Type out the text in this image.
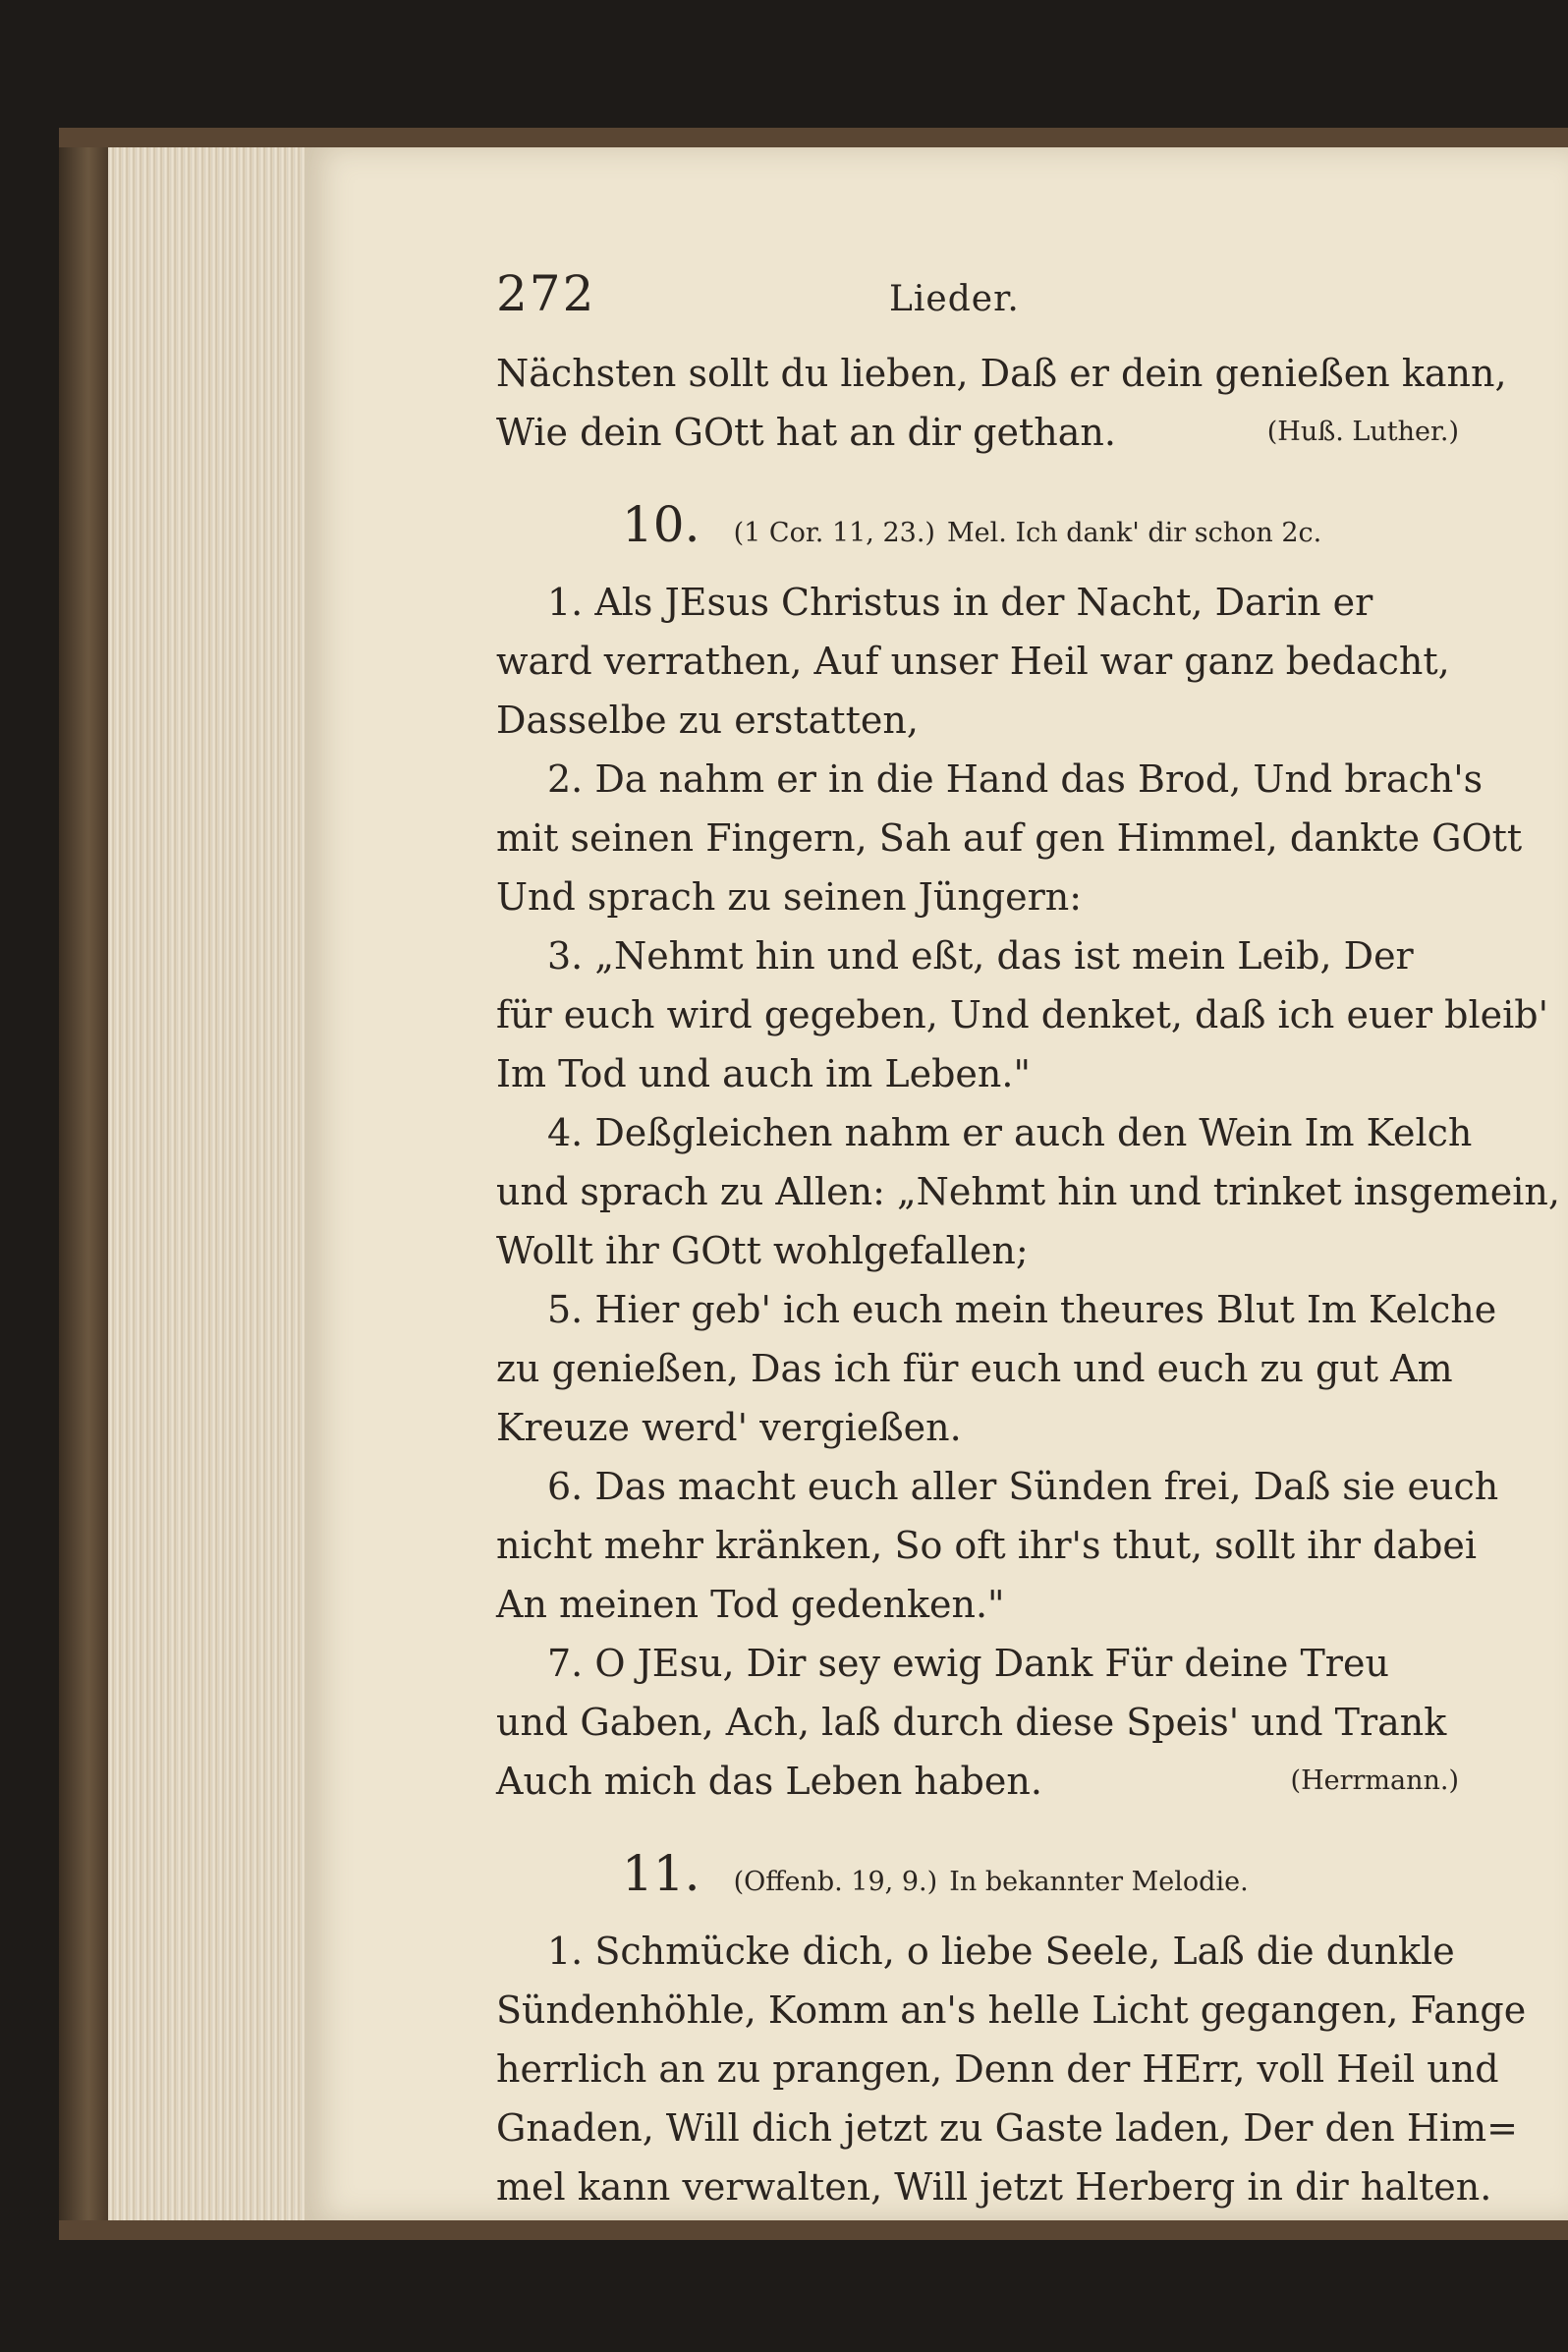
272	Lieder.
Nächsten sollt du lieben, Daß er dein genießen kann,
Wie dein GOtt hat an dir gethan.	(Huß. Luther.)
10. (1 Cor. 11, 23.) Mel. Ich dank' dir schon 2c.
1. Als JEsus Christus in der Nacht, Darin er
ward verrathen, Auf unser Heil war ganz bedacht,
Dasselbe zu erstatten,
2. Da nahm er in die Hand das Brod, Und brach's
mit seinen Fingern, Sah auf gen Himmel, dankte GOtt
Und sprach zu seinen Jüngern:
3. „Nehmt hin und eßt, das ist mein Leib, Der
für euch wird gegeben, Und denket, daß ich euer bleib'
Im Tod und auch im Leben."
4. Deßgleichen nahm er auch den Wein Im Kelch
und sprach zu Allen: „Nehmt hin und trinket insgemein,
Wollt ihr GOtt wohlgefallen;
5. Hier geb' ich euch mein theures Blut Im Kelche
zu genießen, Das ich für euch und euch zu gut Am
Kreuze werd' vergießen.
6. Das macht euch aller Sünden frei, Daß sie euch
nicht mehr kränken, So oft ihr's thut, sollt ihr dabei
An meinen Tod gedenken."
7. O JEsu, Dir sey ewig Dank Für deine Treu
und Gaben, Ach, laß durch diese Speis' und Trank
Auch mich das Leben haben.	(Herrmann.)
11. (Offenb. 19, 9.) In bekannter Melodie.
1. Schmücke dich, o liebe Seele, Laß die dunkle
Sündenhöhle, Komm an's helle Licht gegangen, Fange
herrlich an zu prangen, Denn der HErr, voll Heil und
Gnaden, Will dich jetzt zu Gaste laden, Der den Him=
mel kann verwalten, Will jetzt Herberg in dir halten.
